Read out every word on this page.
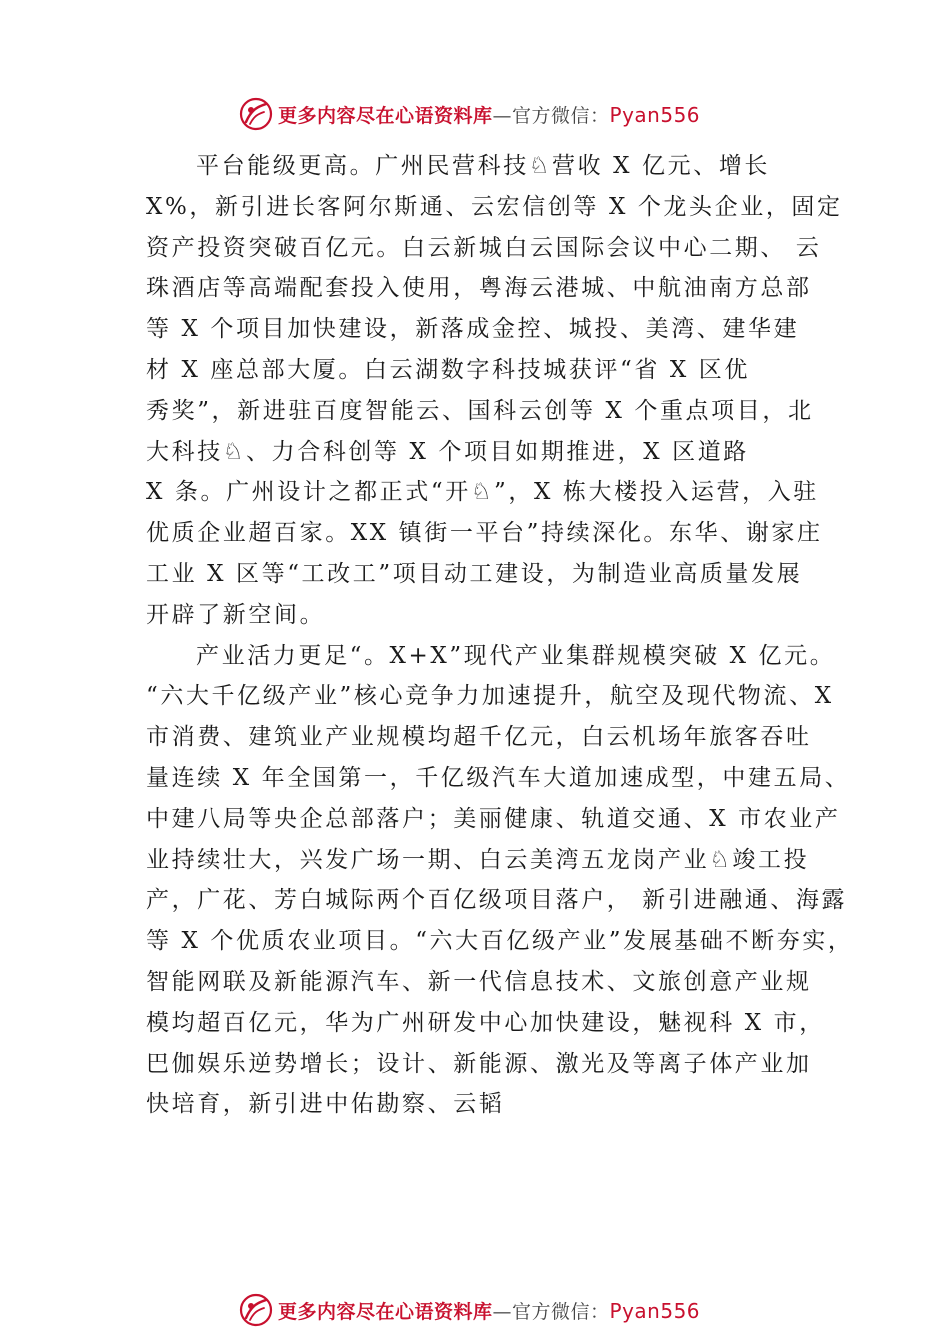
更多内容尽在心语资料库—官方微信：Pyan556
平台能级更高。广州民营科技♘营收 X 亿元、增长
X%，新引进长客阿尔斯通、云宏信创等 X 个龙头企业，固定
资产投资突破百亿元。白云新城白云国际会议中心二期、 云
珠酒店等高端配套投入使用，粤海云港城、中航油南方总部
等 X 个项目加快建设，新落成金控、城投、美湾、建华建
材 X 座总部大厦。白云湖数字科技城获评“省 X 区优
秀奖”，新进驻百度智能云、国科云创等 X 个重点项目，北
大科技♘、力合科创等 X 个项目如期推进，X 区道路
X 条。广州设计之都正式“开♘”，X 栋大楼投入运营，入驻
优质企业超百家。XX 镇街一平台”持续深化。东华、谢家庄
工业 X 区等“工改工”项目动工建设，为制造业高质量发展
开辟了新空间。
产业活力更足“。X+X”现代产业集群规模突破 X 亿元。
“六大千亿级产业”核心竞争力加速提升，航空及现代物流、X
市消费、建筑业产业规模均超千亿元，白云机场年旅客吞吐
量连续 X 年全国第一，千亿级汽车大道加速成型，中建五局、
中建八局等央企总部落户；美丽健康、轨道交通、X 市农业产
业持续壮大，兴发广场一期、白云美湾五龙岗产业♘竣工投
产，广花、芳白城际两个百亿级项目落户， 新引进融通、海露
等 X 个优质农业项目。“六大百亿级产业”发展基础不断夯实，
智能网联及新能源汽车、新一代信息技术、文旅创意产业规
模均超百亿元，华为广州研发中心加快建设，魅视科 X 市，
巴伽娱乐逆势增长；设计、新能源、激光及等离子体产业加
快培育，新引进中佑勘察、云韬
更多内容尽在心语资料库—官方微信：Pyan556
